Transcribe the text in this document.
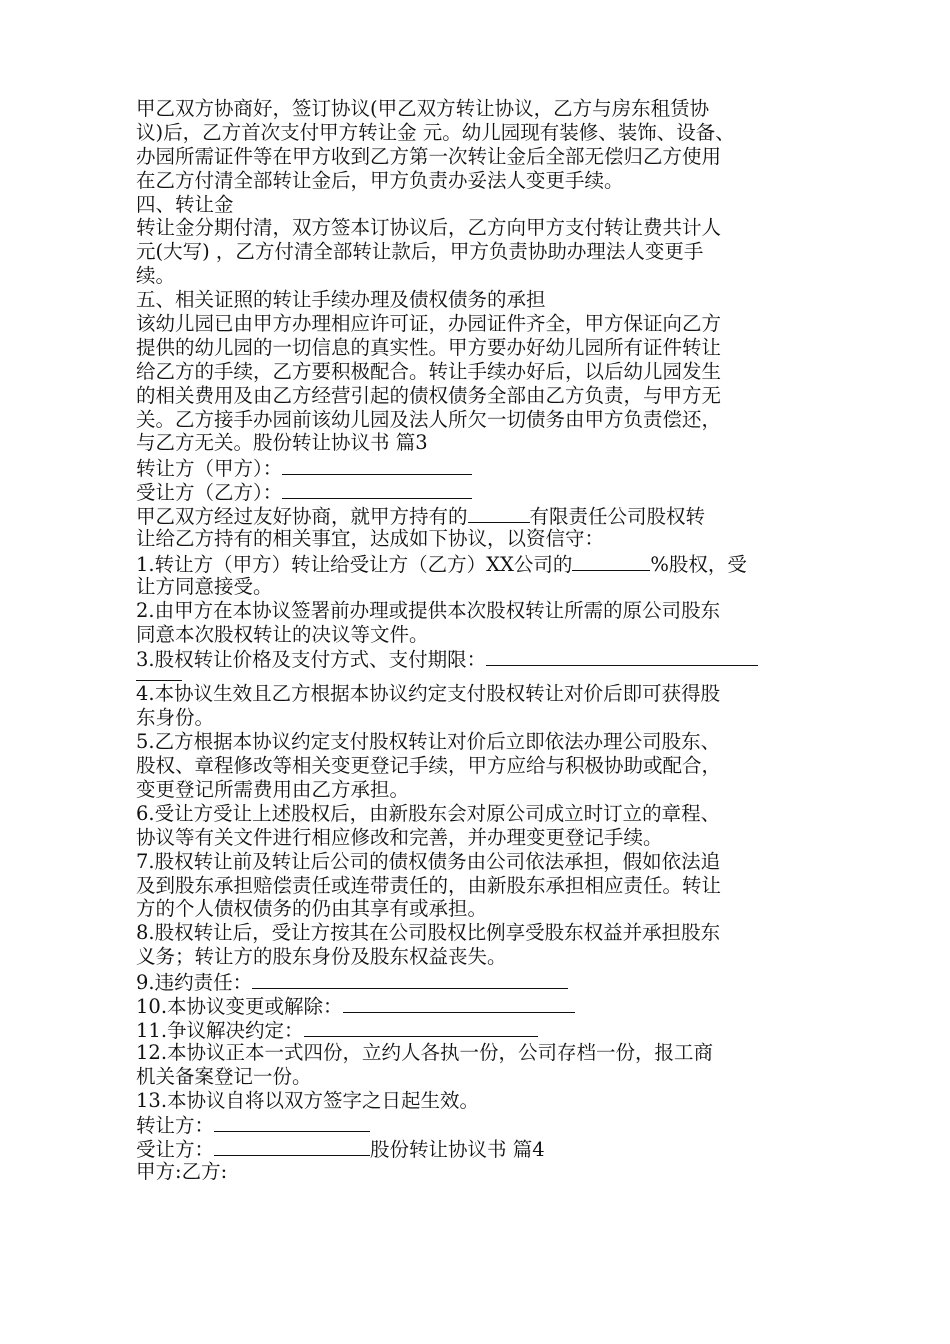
甲乙双方协商好，签订协议(甲乙双方转让协议，乙方与房东租赁协
议)后，乙方首次支付甲方转让金 元。幼儿园现有装修、装饰、设备、
办园所需证件等在甲方收到乙方第一次转让金后全部无偿归乙方使用
在乙方付清全部转让金后，甲方负责办妥法人变更手续。
四、转让金
转让金分期付清，双方签本订协议后，乙方向甲方支付转让费共计人
元(大写) ，乙方付清全部转让款后，甲方负责协助办理法人变更手
续。
五、相关证照的转让手续办理及债权债务的承担
该幼儿园已由甲方办理相应许可证，办园证件齐全，甲方保证向乙方
提供的幼儿园的一切信息的真实性。甲方要办好幼儿园所有证件转让
给乙方的手续，乙方要积极配合。转让手续办好后，以后幼儿园发生
的相关费用及由乙方经营引起的债权债务全部由乙方负责，与甲方无
关。乙方接手办园前该幼儿园及法人所欠一切债务由甲方负责偿还，
与乙方无关。股份转让协议书 篇3
转让方（甲方）：
受让方（乙方）：
甲乙双方经过友好协商，就甲方持有的	有限责任公司股权转
让给乙方持有的相关事宜，达成如下协议，以资信守：
1.转让方（甲方）转让给受让方（乙方）XX公司的	%股权，受
让方同意接受。
2.由甲方在本协议签署前办理或提供本次股权转让所需的原公司股东
同意本次股权转让的决议等文件。
3.股权转让价格及支付方式、支付期限：
4.本协议生效且乙方根据本协议约定支付股权转让对价后即可获得股
东身份。
5.乙方根据本协议约定支付股权转让对价后立即依法办理公司股东、
股权、章程修改等相关变更登记手续，甲方应给与积极协助或配合，
变更登记所需费用由乙方承担。
6.受让方受让上述股权后，由新股东会对原公司成立时订立的章程、
协议等有关文件进行相应修改和完善，并办理变更登记手续。
7.股权转让前及转让后公司的债权债务由公司依法承担，假如依法追
及到股东承担赔偿责任或连带责任的，由新股东承担相应责任。转让
方的个人债权债务的仍由其享有或承担。
8.股权转让后，受让方按其在公司股权比例享受股东权益并承担股东
义务；转让方的股东身份及股东权益丧失。
9.违约责任：
10.本协议变更或解除：
11.争议解决约定：
12.本协议正本一式四份，立约人各执一份，公司存档一份，报工商
机关备案登记一份。
13.本协议自将以双方签字之日起生效。
转让方：
受让方：	股份转让协议书 篇4
甲方:乙方:
